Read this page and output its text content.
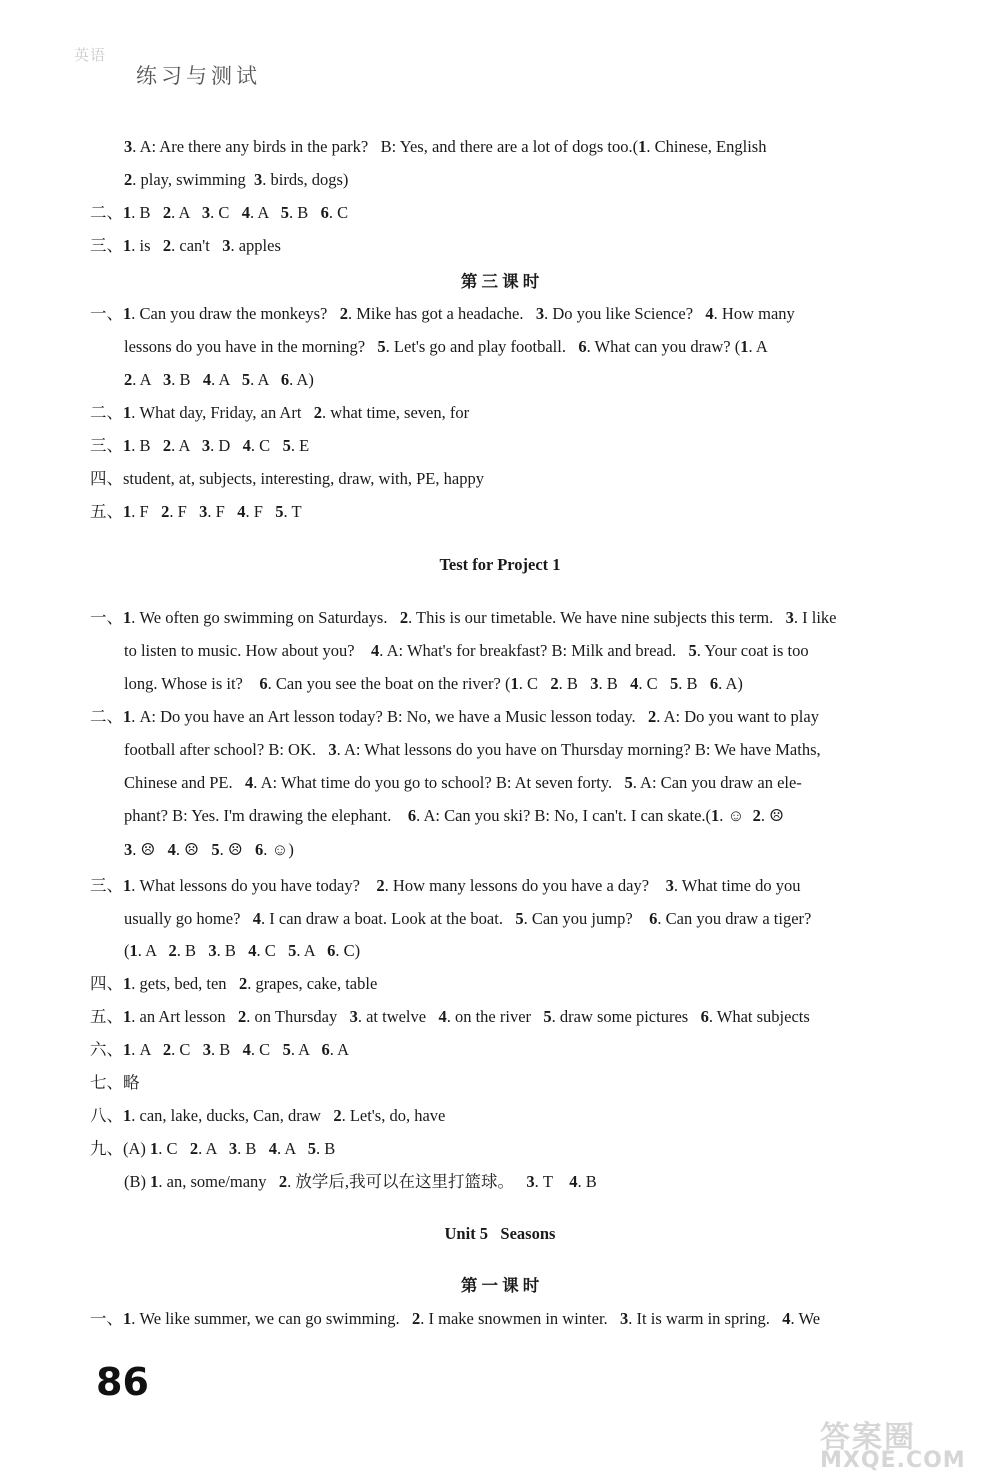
英语
练习与测试
3. A: Are there any birds in the park?   B: Yes, and there are a lot of dogs too.(1. Chinese, English
2. play, swimming  3. birds, dogs)
二、1. B   2. A   3. C   4. A   5. B   6. C
三、1. is   2. can't   3. apples
第 三 课 时
一、1. Can you draw the monkeys?   2. Mike has got a headache.   3. Do you like Science?   4. How many
lessons do you have in the morning?   5. Let's go and play football.   6. What can you draw? (1. A
2. A   3. B   4. A   5. A   6. A)
二、1. What day, Friday, an Art   2. what time, seven, for
三、1. B   2. A   3. D   4. C   5. E
四、student, at, subjects, interesting, draw, with, PE, happy
五、1. F   2. F   3. F   4. F   5. T
Test for Project 1
一、1. We often go swimming on Saturdays.   2. This is our timetable. We have nine subjects this term.   3. I like
to listen to music. How about you?    4. A: What's for breakfast? B: Milk and bread.   5. Your coat is too
long. Whose is it?    6. Can you see the boat on the river? (1. C   2. B   3. B   4. C   5. B   6. A)
二、1. A: Do you have an Art lesson today? B: No, we have a Music lesson today.   2. A: Do you want to play
football after school? B: OK.   3. A: What lessons do you have on Thursday morning? B: We have Maths,
Chinese and PE.   4. A: What time do you go to school? B: At seven forty.   5. A: Can you draw an ele-
phant? B: Yes. I'm drawing the elephant.    6. A: Can you ski? B: No, I can't. I can skate.(1. ☺  2. ☹
3. ☹   4. ☹   5. ☹   6. ☺)
三、1. What lessons do you have today?    2. How many lessons do you have a day?    3. What time do you
usually go home?   4. I can draw a boat. Look at the boat.   5. Can you jump?    6. Can you draw a tiger?
(1. A   2. B   3. B   4. C   5. A   6. C)
四、1. gets, bed, ten   2. grapes, cake, table
五、1. an Art lesson   2. on Thursday   3. at twelve   4. on the river   5. draw some pictures   6. What subjects
六、1. A   2. C   3. B   4. C   5. A   6. A
七、略
八、1. can, lake, ducks, Can, draw   2. Let's, do, have
九、(A) 1. C   2. A   3. B   4. A   5. B
(B) 1. an, some/many   2. 放学后,我可以在这里打篮球。   3. T    4. B
Unit 5   Seasons
第 一 课 时
一、1. We like summer, we can go swimming.   2. I make snowmen in winter.   3. It is warm in spring.   4. We
86
答案圈
MXQE.COM
